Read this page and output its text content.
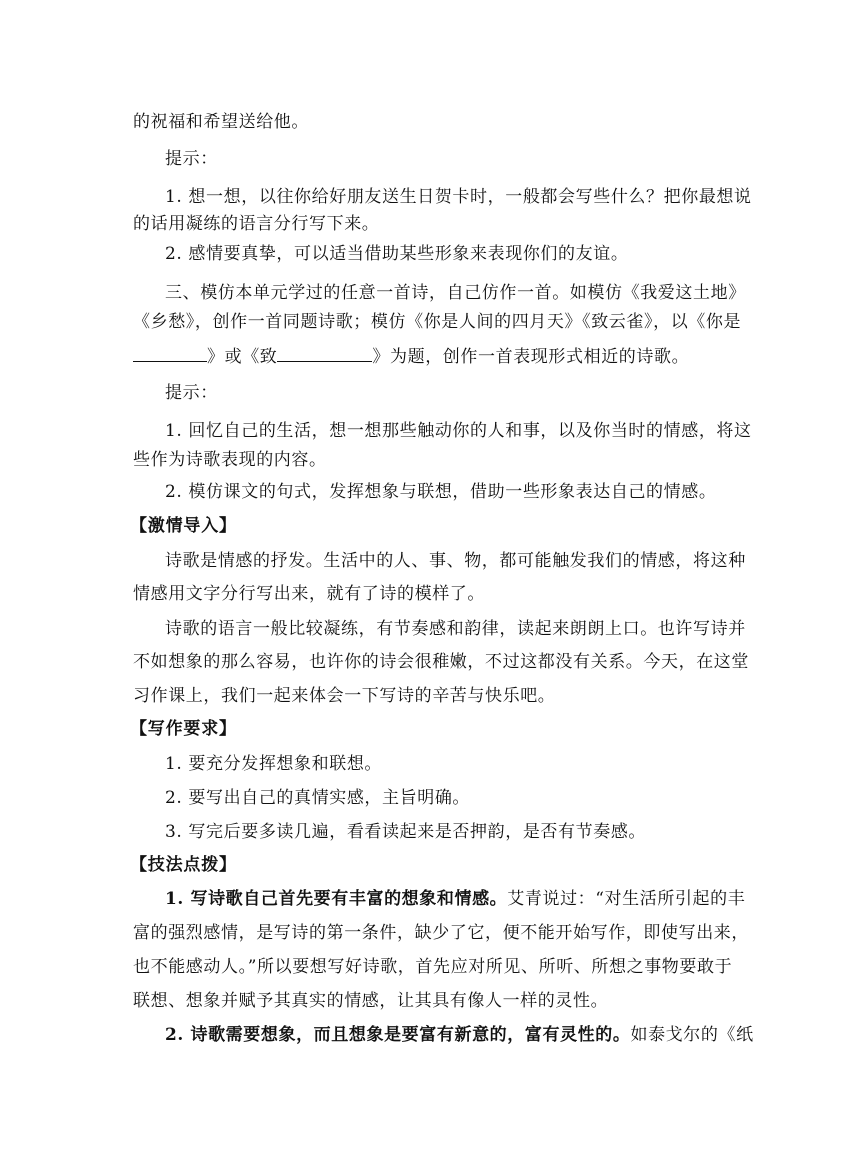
的祝福和希望送给他。
提示：
1. 想一想，以往你给好朋友送生日贺卡时，一般都会写些什么？把你最想说
的话用凝练的语言分行写下来。
2. 感情要真挚，可以适当借助某些形象来表现你们的友谊。
三、模仿本单元学过的任意一首诗，自己仿作一首。如模仿《我爱这土地》
《乡愁》，创作一首同题诗歌；模仿《你是人间的四月天》《致云雀》，以《你是
》或《致	》为题，创作一首表现形式相近的诗歌。
提示：
1. 回忆自己的生活，想一想那些触动你的人和事，以及你当时的情感，将这
些作为诗歌表现的内容。
2. 模仿课文的句式，发挥想象与联想，借助一些形象表达自己的情感。
【激情导入】
诗歌是情感的抒发。生活中的人、事、物，都可能触发我们的情感，将这种
情感用文字分行写出来，就有了诗的模样了。
诗歌的语言一般比较凝练，有节奏感和韵律，读起来朗朗上口。也许写诗并
不如想象的那么容易，也许你的诗会很稚嫩，不过这都没有关系。今天，在这堂
习作课上，我们一起来体会一下写诗的辛苦与快乐吧。
【写作要求】
1. 要充分发挥想象和联想。
2. 要写出自己的真情实感，主旨明确。
3. 写完后要多读几遍，看看读起来是否押韵，是否有节奏感。
【技法点拨】
1. 写诗歌自己首先要有丰富的想象和情感。艾青说过：“对生活所引起的丰
富的强烈感情，是写诗的第一条件，缺少了它，便不能开始写作，即使写出来，
也不能感动人。”所以要想写好诗歌，首先应对所见、所听、所想之事物要敢于
联想、想象并赋予其真实的情感，让其具有像人一样的灵性。
2. 诗歌需要想象，而且想象是要富有新意的，富有灵性的。如泰戈尔的《纸
